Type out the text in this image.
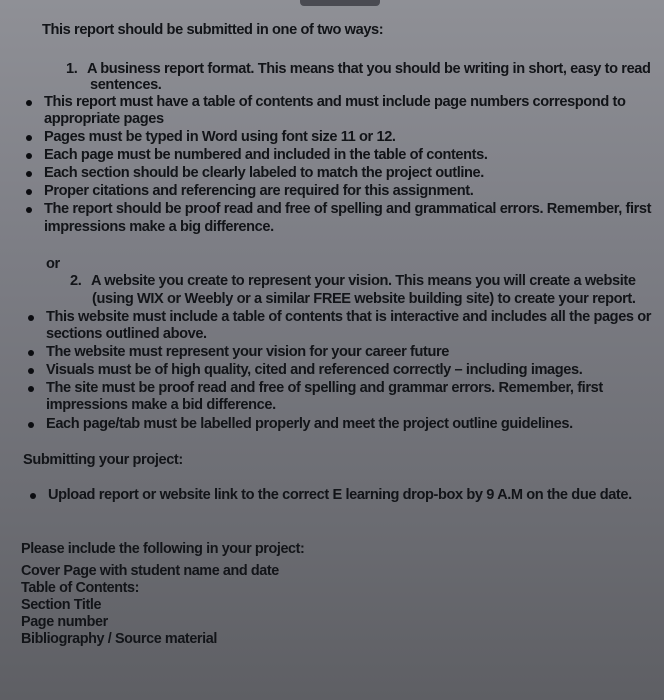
This report should be submitted in one of two ways:
1. A business report format. This means that you should be writing in short, easy to read
sentences.
This report must have a table of contents and must include page numbers correspond to
appropriate pages
Pages must be typed in Word using font size 11 or 12.
Each page must be numbered and included in the table of contents.
Each section should be clearly labeled to match the project outline.
Proper citations and referencing are required for this assignment.
The report should be proof read and free of spelling and grammatical errors. Remember, first
impressions make a big difference.
or
2. A website you create to represent your vision. This means you will create a website
(using WIX or Weebly or a similar FREE website building site) to create your report.
This website must include a table of contents that is interactive and includes all the pages or
sections outlined above.
The website must represent your vision for your career future
Visuals must be of high quality, cited and referenced correctly – including images.
The site must be proof read and free of spelling and grammar errors. Remember, first
impressions make a bid difference.
Each page/tab must be labelled properly and meet the project outline guidelines.
Submitting your project:
Upload report or website link to the correct E learning drop-box by 9 A.M on the due date.
Please include the following in your project:
Cover Page with student name and date
Table of Contents:
Section Title
Page number
Bibliography / Source material
